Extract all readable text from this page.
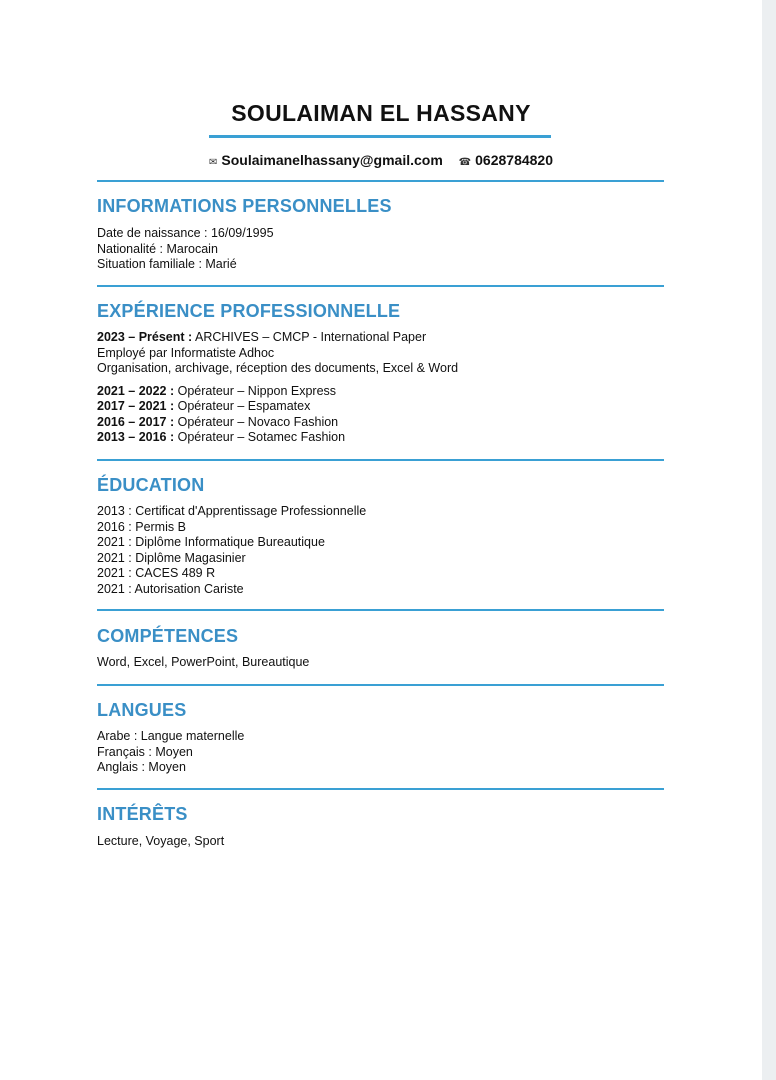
SOULAIMAN EL HASSANY
✉ Soulaimanelhassany@gmail.com ☎ 0628784820
INFORMATIONS PERSONNELLES
Date de naissance : 16/09/1995
Nationalité : Marocain
Situation familiale : Marié
EXPÉRIENCE PROFESSIONNELLE
2023 – Présent : ARCHIVES – CMCP - International Paper
Employé par Informatiste Adhoc
Organisation, archivage, réception des documents, Excel & Word
2021 – 2022 : Opérateur – Nippon Express
2017 – 2021 : Opérateur – Espamatex
2016 – 2017 : Opérateur – Novaco Fashion
2013 – 2016 : Opérateur – Sotamec Fashion
ÉDUCATION
2013 : Certificat d'Apprentissage Professionnelle
2016 : Permis B
2021 : Diplôme Informatique Bureautique
2021 : Diplôme Magasinier
2021 : CACES 489 R
2021 : Autorisation Cariste
COMPÉTENCES
Word, Excel, PowerPoint, Bureautique
LANGUES
Arabe : Langue maternelle
Français : Moyen
Anglais : Moyen
INTÉRÊTS
Lecture, Voyage, Sport
